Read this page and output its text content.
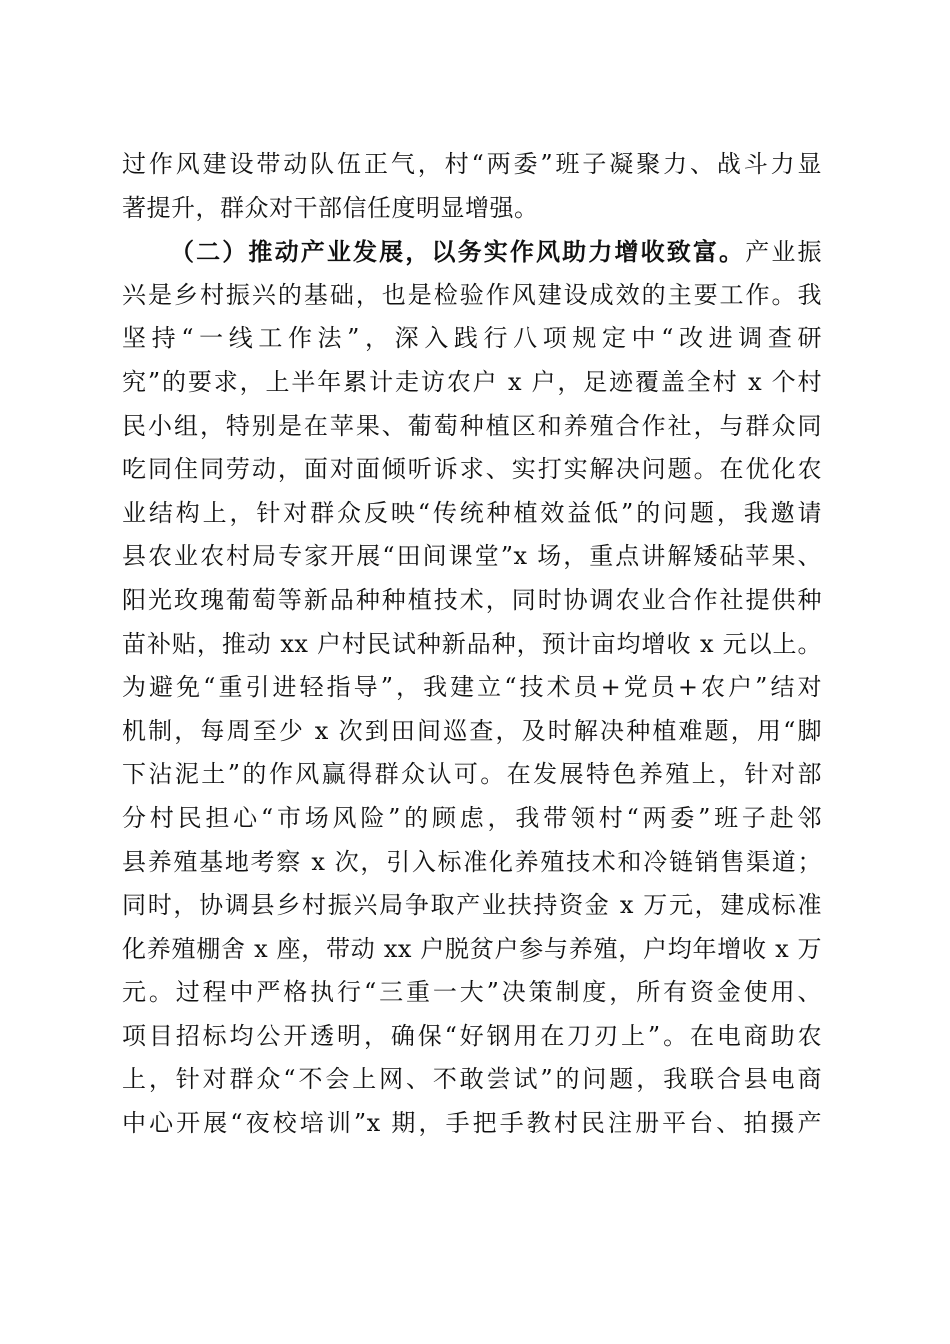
过作风建设带动队伍正气，村“两委”班子凝聚力、战斗力显
著提升，群众对干部信任度明显增强。
（二）推动产业发展，以务实作风助力增收致富。产业振
兴是乡村振兴的基础，也是检验作风建设成效的主要工作。我
坚持“一线工作法”，深入践行八项规定中“改进调查研
究”的要求，上半年累计走访农户 x 户，足迹覆盖全村 x 个村
民小组，特别是在苹果、葡萄种植区和养殖合作社，与群众同
吃同住同劳动，面对面倾听诉求、实打实解决问题。在优化农
业结构上，针对群众反映“传统种植效益低”的问题，我邀请
县农业农村局专家开展“田间课堂”x 场，重点讲解矮砧苹果、
阳光玫瑰葡萄等新品种种植技术，同时协调农业合作社提供种
苗补贴，推动 xx 户村民试种新品种，预计亩均增收 x 元以上。
为避免“重引进轻指导”，我建立“技术员+党员+农户”结对
机制，每周至少 x 次到田间巡查，及时解决种植难题，用“脚
下沾泥土”的作风赢得群众认可。在发展特色养殖上，针对部
分村民担心“市场风险”的顾虑，我带领村“两委”班子赴邻
县养殖基地考察 x 次，引入标准化养殖技术和冷链销售渠道；
同时，协调县乡村振兴局争取产业扶持资金 x 万元，建成标准
化养殖棚舍 x 座，带动 xx 户脱贫户参与养殖，户均年增收 x 万
元。过程中严格执行“三重一大”决策制度，所有资金使用、
项目招标均公开透明，确保“好钢用在刀刃上”。在电商助农
上，针对群众“不会上网、不敢尝试”的问题，我联合县电商
中心开展“夜校培训”x 期，手把手教村民注册平台、拍摄产
